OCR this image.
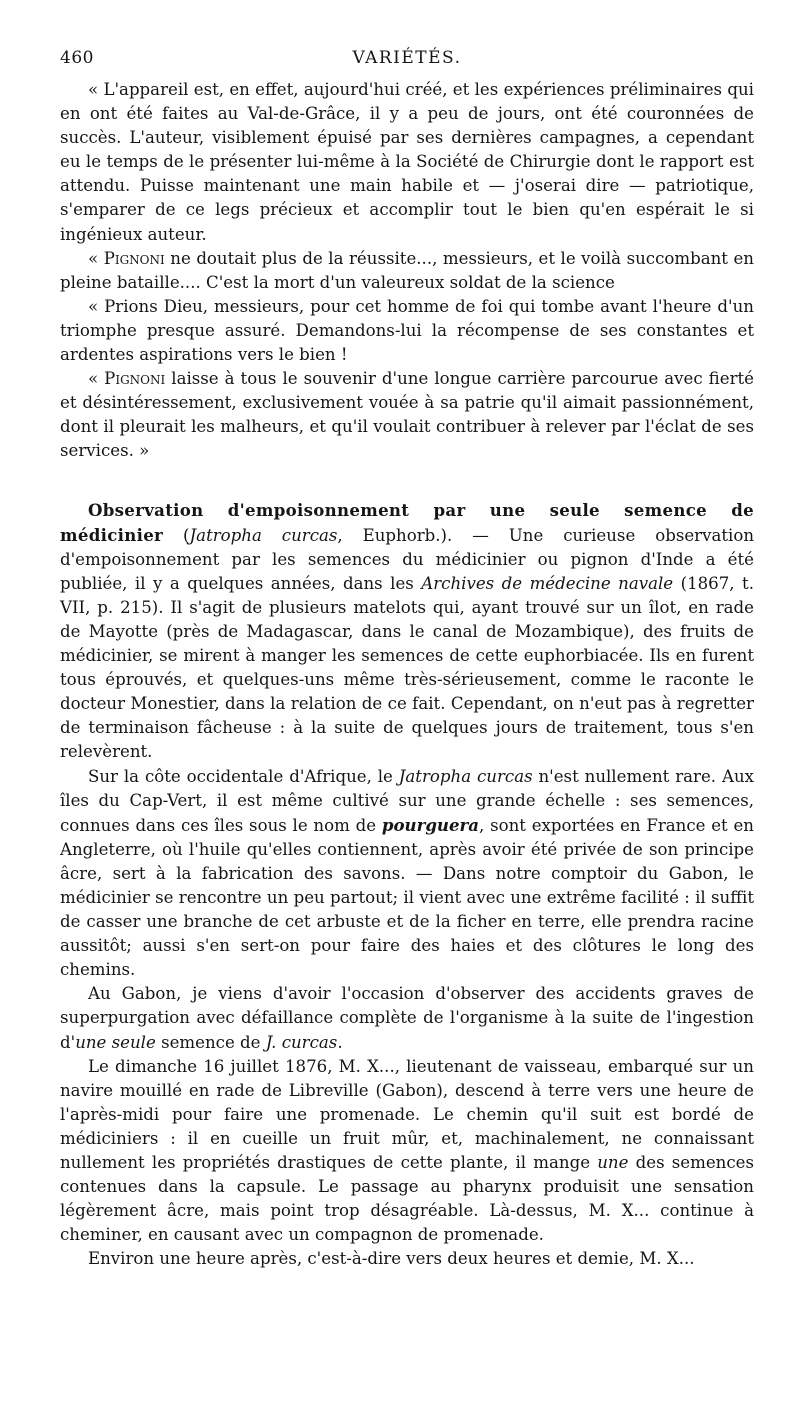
460	VARIÉTÉS.

« L'appareil est, en effet, aujourd'hui créé, et les expériences préliminaires qui en ont été faites au Val-de-Grâce, il y a peu de jours, ont été couronnées de succès. L'auteur, visiblement épuisé par ses dernières campagnes, a cependant eu le temps de le présenter lui-même à la Société de Chirurgie dont le rapport est attendu. Puisse maintenant une main habile et — j'oserai dire — patriotique, s'emparer de ce legs précieux et accomplir tout le bien qu'en espérait le si ingénieux auteur.

« Pignoni ne doutait plus de la réussite..., messieurs, et le voilà succombant en pleine bataille.... C'est la mort d'un valeureux soldat de la science

« Prions Dieu, messieurs, pour cet homme de foi qui tombe avant l'heure d'un triomphe presque assuré. Demandons-lui la récompense de ses constantes et ardentes aspirations vers le bien !

« Pignoni laisse à tous le souvenir d'une longue carrière parcourue avec fierté et désintéressement, exclusivement vouée à sa patrie qu'il aimait passionnément, dont il pleurait les malheurs, et qu'il voulait contribuer à relever par l'éclat de ses services. »

Observation d'empoisonnement par une seule semence de médicinier (Jatropha curcas, Euphorb.). — Une curieuse observation d'empoisonnement par les semences du médicinier ou pignon d'Inde a été publiée, il y a quelques années, dans les Archives de médecine navale (1867, t. VII, p. 215). Il s'agit de plusieurs matelots qui, ayant trouvé sur un îlot, en rade de Mayotte (près de Madagascar, dans le canal de Mozambique), des fruits de médicinier, se mirent à manger les semences de cette euphorbiacée. Ils en furent tous éprouvés, et quelques-uns même très-sérieusement, comme le raconte le docteur Monestier, dans la relation de ce fait. Cependant, on n'eut pas à regretter de terminaison fâcheuse : à la suite de quelques jours de traitement, tous s'en relevèrent.

Sur la côte occidentale d'Afrique, le Jatropha curcas n'est nullement rare. Aux îles du Cap-Vert, il est même cultivé sur une grande échelle : ses semences, connues dans ces îles sous le nom de pourguera, sont exportées en France et en Angleterre, où l'huile qu'elles contiennent, après avoir été privée de son principe âcre, sert à la fabrication des savons. — Dans notre comptoir du Gabon, le médicinier se rencontre un peu partout; il vient avec une extrême facilité : il suffit de casser une branche de cet arbuste et de la ficher en terre, elle prendra racine aussitôt; aussi s'en sert-on pour faire des haies et des clôtures le long des chemins.

Au Gabon, je viens d'avoir l'occasion d'observer des accidents graves de superpurgation avec défaillance complète de l'organisme à la suite de l'ingestion d'une seule semence de J. curcas.

Le dimanche 16 juillet 1876, M. X..., lieutenant de vaisseau, embarqué sur un navire mouillé en rade de Libreville (Gabon), descend à terre vers une heure de l'après-midi pour faire une promenade. Le chemin qu'il suit est bordé de médiciniers : il en cueille un fruit mûr, et, machinalement, ne connaissant nullement les propriétés drastiques de cette plante, il mange une des semences contenues dans la capsule. Le passage au pharynx produisit une sensation légèrement âcre, mais point trop désagréable. Là-dessus, M. X... continue à cheminer, en causant avec un compagnon de promenade.

Environ une heure après, c'est-à-dire vers deux heures et demie, M. X...
